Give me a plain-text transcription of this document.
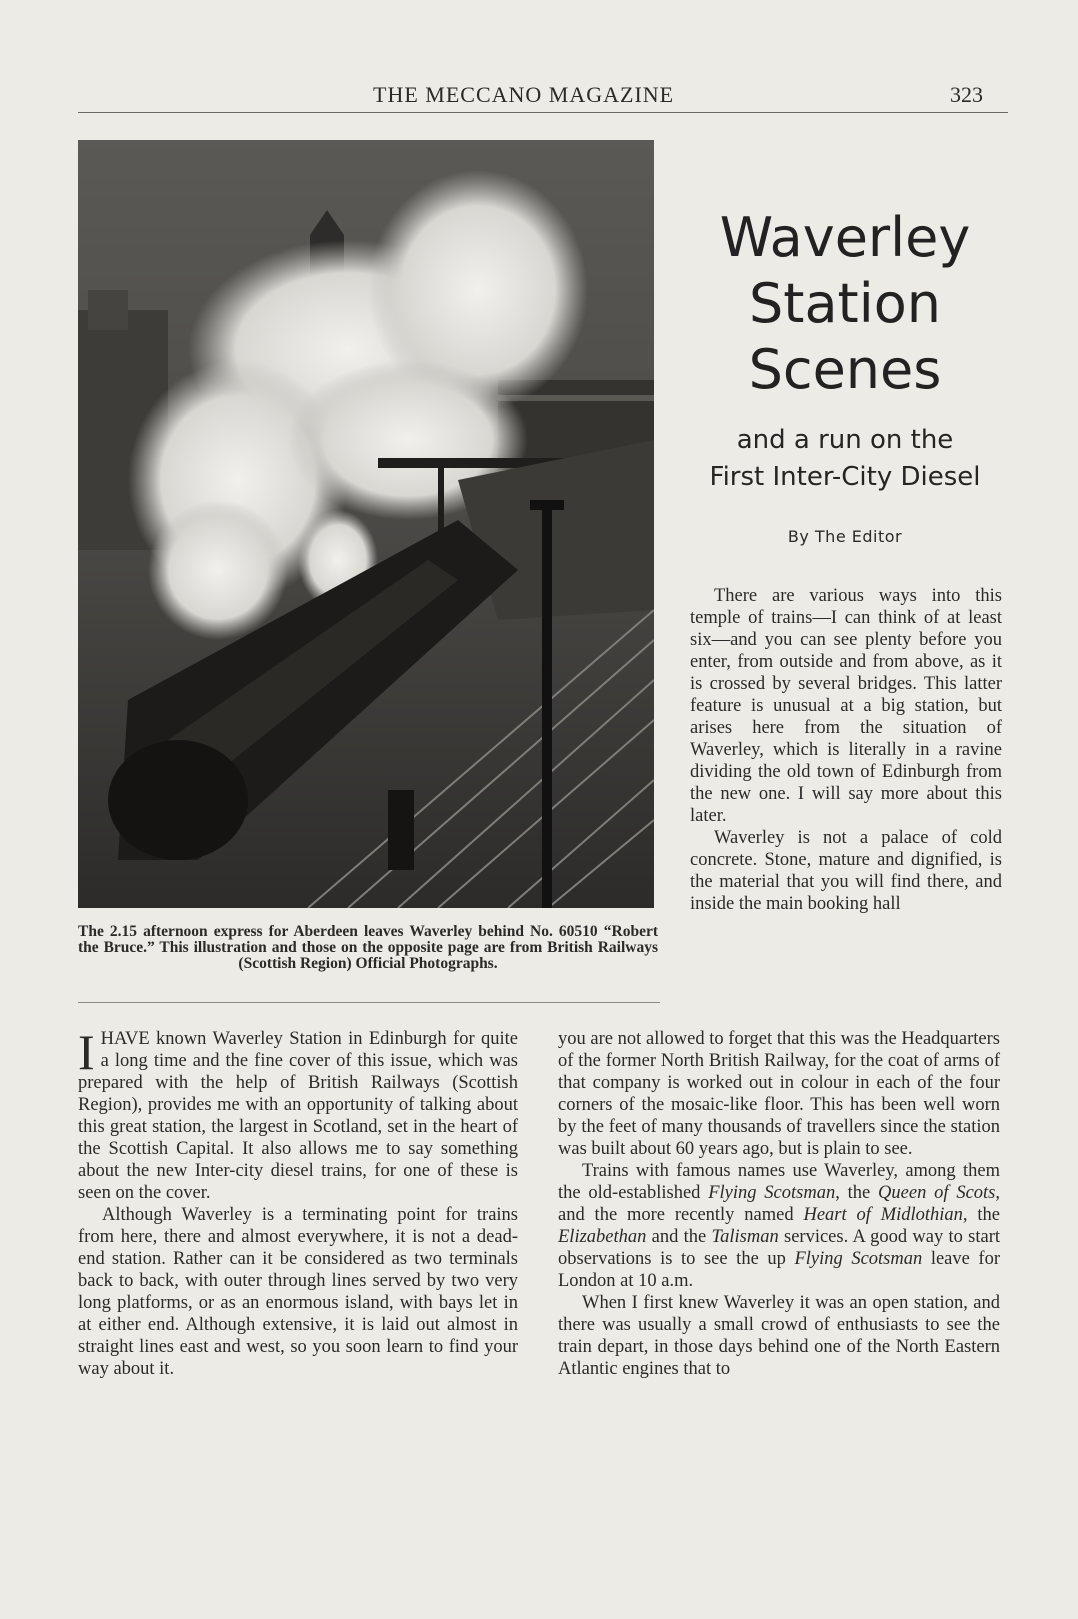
THE MECCANO MAGAZINE	323
The 2.15 afternoon express for Aberdeen leaves Waverley behind No. 60510 “Robert the Bruce.” This illustration and those on the opposite page are from British Railways (Scottish Region) Official Photographs.
Waverley
Station
Scenes
and a run on the
First Inter-City Diesel
By The Editor

There are various ways into this temple of trains—I can think of at least six—and you can see plenty before you enter, from outside and from above, as it is crossed by several bridges. This latter feature is unusual at a big station, but arises here from the situation of Waverley, which is literally in a ravine dividing the old town of Edinburgh from the new one. I will say more about this later.

Waverley is not a palace of cold concrete. Stone, mature and dignified, is the material that you will find there, and inside the main booking hall

IHAVE known Waverley Station in Edinburgh for quite a long time and the fine cover of this issue, which was prepared with the help of British Railways (Scottish Region), provides me with an opportunity of talking about this great station, the largest in Scotland, set in the heart of the Scottish Capital. It also allows me to say something about the new Inter-city diesel trains, for one of these is seen on the cover.

Although Waverley is a terminating point for trains from here, there and almost everywhere, it is not a dead-end station. Rather can it be considered as two terminals back to back, with outer through lines served by two very long platforms, or as an enormous island, with bays let in at either end. Although extensive, it is laid out almost in straight lines east and west, so you soon learn to find your way about it.

you are not allowed to forget that this was the Headquarters of the former North British Railway, for the coat of arms of that company is worked out in colour in each of the four corners of the mosaic-like floor. This has been well worn by the feet of many thousands of travellers since the station was built about 60 years ago, but is plain to see.

Trains with famous names use Waverley, among them the old-established Flying Scotsman, the Queen of Scots, and the more recently named Heart of Midlothian, the Elizabethan and the Talisman services. A good way to start observations is to see the up Flying Scotsman leave for London at 10 a.m.

When I first knew Waverley it was an open station, and there was usually a small crowd of enthusiasts to see the train depart, in those days behind one of the North Eastern Atlantic engines that to
